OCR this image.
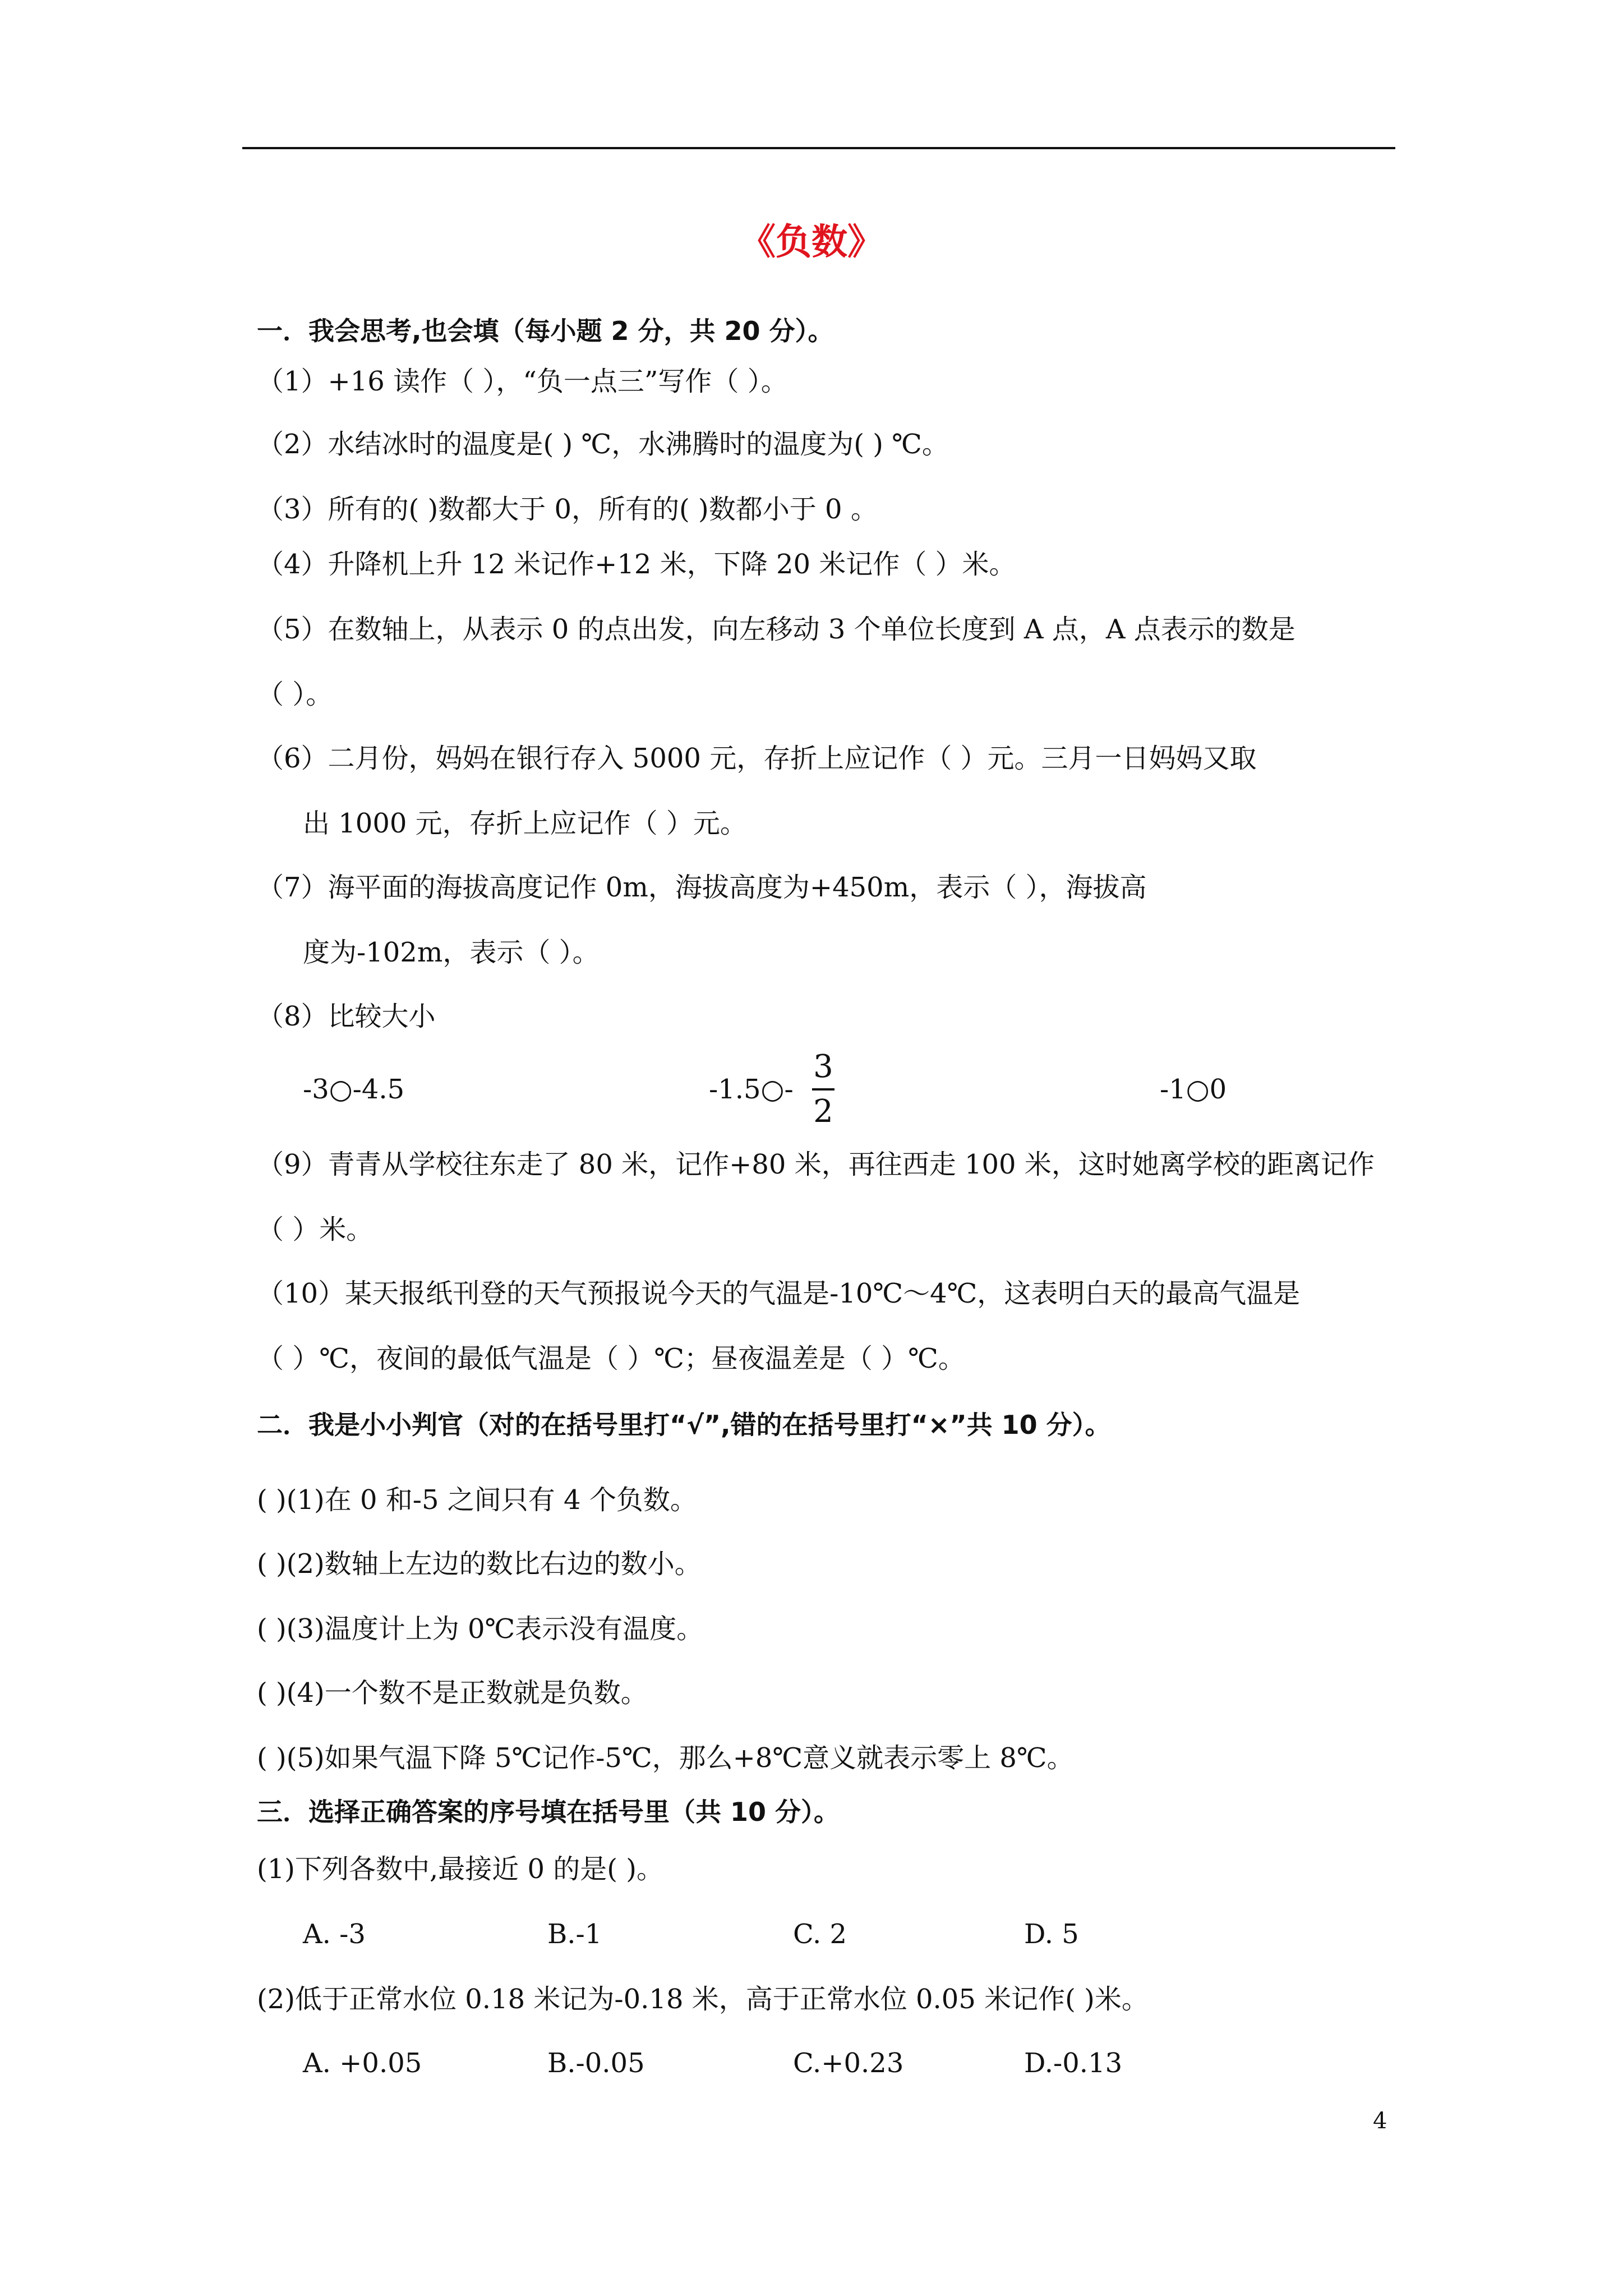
《负数》
一．我会思考,也会填（每小题 2 分，共 20 分）。
（1）+16 读作（ ），“负一点三”写作（ ）。
（2）水结冰时的温度是( ) ℃，水沸腾时的温度为( ) ℃。
（3）所有的( )数都大于 0，所有的( )数都小于 0 。
（4）升降机上升 12 米记作+12 米，下降 20 米记作（ ）米。
（5）在数轴上，从表示 0 的点出发，向左移动 3 个单位长度到 A 点，A 点表示的数是
（ ）。
（6）二月份，妈妈在银行存入 5000 元，存折上应记作（ ）元。三月一日妈妈又取
出 1000 元，存折上应记作（ ）元。
（7）海平面的海拔高度记作 0m，海拔高度为+450m，表示（ ），海拔高
度为-102m，表示（ ）。
（8）比较大小
-3○-4.5	-1.5○-
3
2
-1○0
（9）青青从学校往东走了 80 米，记作+80 米，再往西走 100 米，这时她离学校的距离记作
（ ）米。
（10）某天报纸刊登的天气预报说今天的气温是-10℃～4℃，这表明白天的最高气温是
（ ）℃，夜间的最低气温是（ ）℃；昼夜温差是（ ）℃。
二．我是小小判官（对的在括号里打“√”,错的在括号里打“×”共 10 分）。
( )(1)在 0 和-5 之间只有 4 个负数。
( )(2)数轴上左边的数比右边的数小。
( )(3)温度计上为 0℃表示没有温度。
( )(4)一个数不是正数就是负数。
( )(5)如果气温下降 5℃记作-5℃，那么+8℃意义就表示零上 8℃。
三．选择正确答案的序号填在括号里（共 10 分）。
(1)下列各数中,最接近 0 的是( )。
A. -3	B.-1	C. 2	D. 5
(2)低于正常水位 0.18 米记为-0.18 米，高于正常水位 0.05 米记作( )米。
A. +0.05	B.-0.05	C.+0.23	D.-0.13
4
